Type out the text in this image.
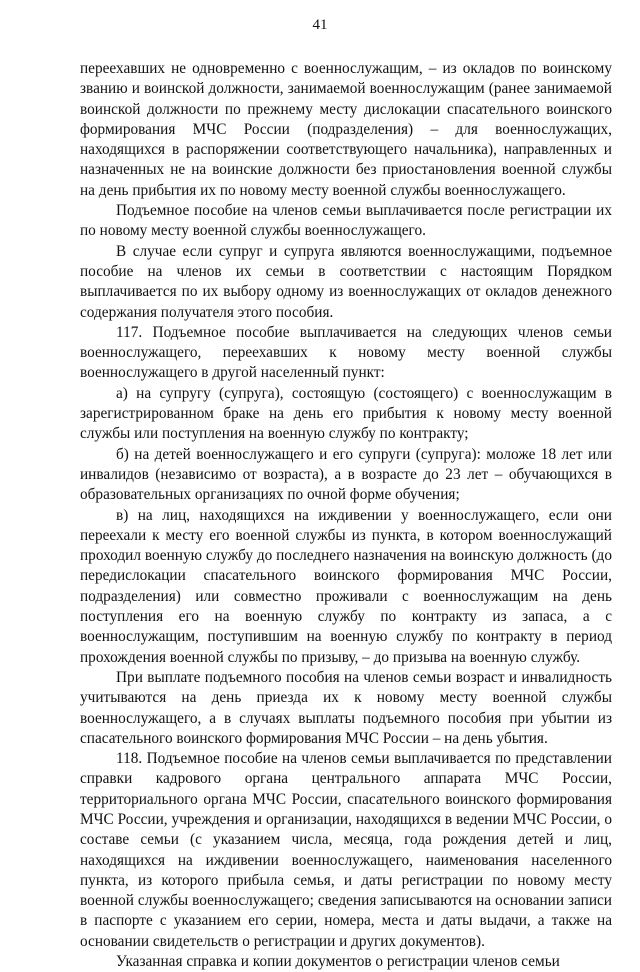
41

переехавших не одновременно с военнослужащим, – из окладов по воинскому званию и воинской должности, занимаемой военнослужащим (ранее занимаемой воинской должности по прежнему месту дислокации спасательного воинского формирования МЧС России (подразделения) – для военнослужащих, находящихся в распоряжении соответствующего начальника), направленных и назначенных не на воинские должности без приостановления военной службы на день прибытия их по новому месту военной службы военнослужащего.

Подъемное пособие на членов семьи выплачивается после регистрации их по новому месту военной службы военнослужащего.

В случае если супруг и супруга являются военнослужащими, подъемное пособие на членов их семьи в соответствии с настоящим Порядком выплачивается по их выбору одному из военнослужащих от окладов денежного содержания получателя этого пособия.

117. Подъемное пособие выплачивается на следующих членов семьи военнослужащего, переехавших к новому месту военной службы военнослужащего в другой населенный пункт:

а) на супругу (супруга), состоящую (состоящего) с военнослужащим в зарегистрированном браке на день его прибытия к новому месту военной службы или поступления на военную службу по контракту;

б) на детей военнослужащего и его супруги (супруга): моложе 18 лет или инвалидов (независимо от возраста), а в возрасте до 23 лет – обучающихся в образовательных организациях по очной форме обучения;

в) на лиц, находящихся на иждивении у военнослужащего, если они переехали к месту его военной службы из пункта, в котором военнослужащий проходил военную службу до последнего назначения на воинскую должность (до передислокации спасательного воинского формирования МЧС России, подразделения) или совместно проживали с военнослужащим на день поступления его на военную службу по контракту из запаса, а с военнослужащим, поступившим на военную службу по контракту в период прохождения военной службы по призыву, – до призыва на военную службу.

При выплате подъемного пособия на членов семьи возраст и инвалидность учитываются на день приезда их к новому месту военной службы военнослужащего, а в случаях выплаты подъемного пособия при убытии из спасательного воинского формирования МЧС России – на день убытия.

118. Подъемное пособие на членов семьи выплачивается по представлении справки кадрового органа центрального аппарата МЧС России, территориального органа МЧС России, спасательного воинского формирования МЧС России, учреждения и организации, находящихся в ведении МЧС России, о составе семьи (с указанием числа, месяца, года рождения детей и лиц, находящихся на иждивении военнослужащего, наименования населенного пункта, из которого прибыла семья, и даты регистрации по новому месту военной службы военнослужащего; сведения записываются на основании записи в паспорте с указанием его серии, номера, места и даты выдачи, а также на основании свидетельств о регистрации и других документов).

Указанная справка и копии документов о регистрации членов семьи
